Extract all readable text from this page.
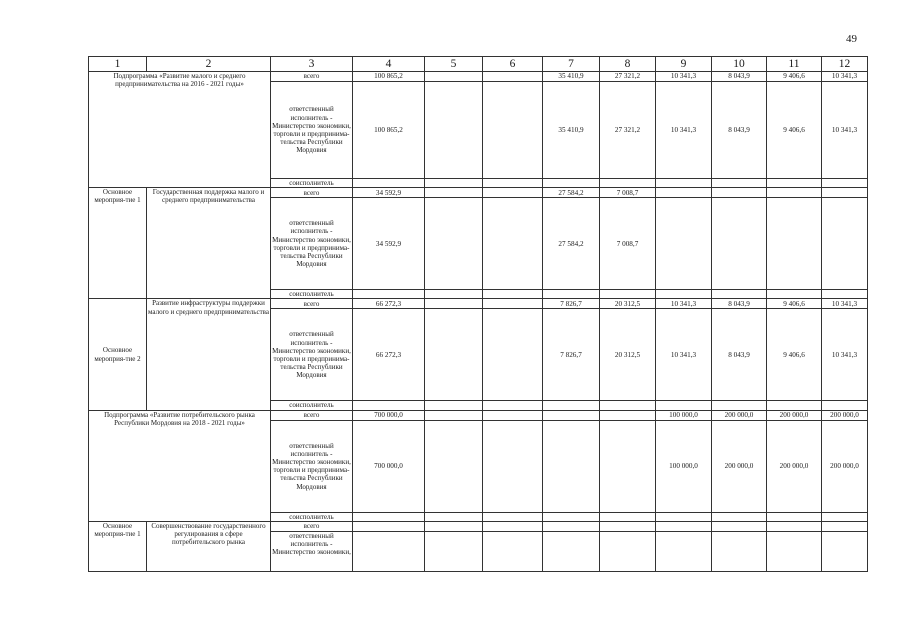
49
1	2	3	4	5	6	7	8	9	10	11	12
Подпрограмма «Развитие малого и среднего предпринимательства на 2016 - 2021 годы»		всего	100 865,2			35 410,9	27 321,2	10 341,3	8 043,9	9 406,6	10 341,3
		ответственный исполнитель - Министерство экономики, торговли и предпринима-тельства Республики Мордовия	100 865,2			35 410,9	27 321,2	10 341,3	8 043,9	9 406,6	10 341,3
		соисполнитель									
Основное мероприя-тие 1	Государственная поддержка малого и среднего предпринимательства	всего	34 592,9			27 584,2	7 008,7				
		ответственный исполнитель - Министерство экономики, торговли и предпринима-тельства Республики Мордовия	34 592,9			27 584,2	7 008,7				
		соисполнитель									
Основное мероприя-тие 2	Развитие инфраструктуры поддержки малого и среднего предпринимательства	всего	66 272,3			7 826,7	20 312,5	10 341,3	8 043,9	9 406,6	10 341,3
		ответственный исполнитель - Министерство экономики, торговли и предпринима-тельства Республики Мордовия	66 272,3			7 826,7	20 312,5	10 341,3	8 043,9	9 406,6	10 341,3
		соисполнитель									
Подпрограмма «Развитие потребительского рынка Республики Мордовия на 2018 - 2021 годы»		всего	700 000,0					100 000,0	200 000,0	200 000,0	200 000,0
		ответственный исполнитель - Министерство экономики, торговли и предпринима-тельства Республики Мордовия	700 000,0					100 000,0	200 000,0	200 000,0	200 000,0
		соисполнитель									
Основное мероприя-тие 1	Совершенствование государственного регулирования в сфере потребительского рынка	всего									
		ответственный исполнитель - Министерство экономики,									
